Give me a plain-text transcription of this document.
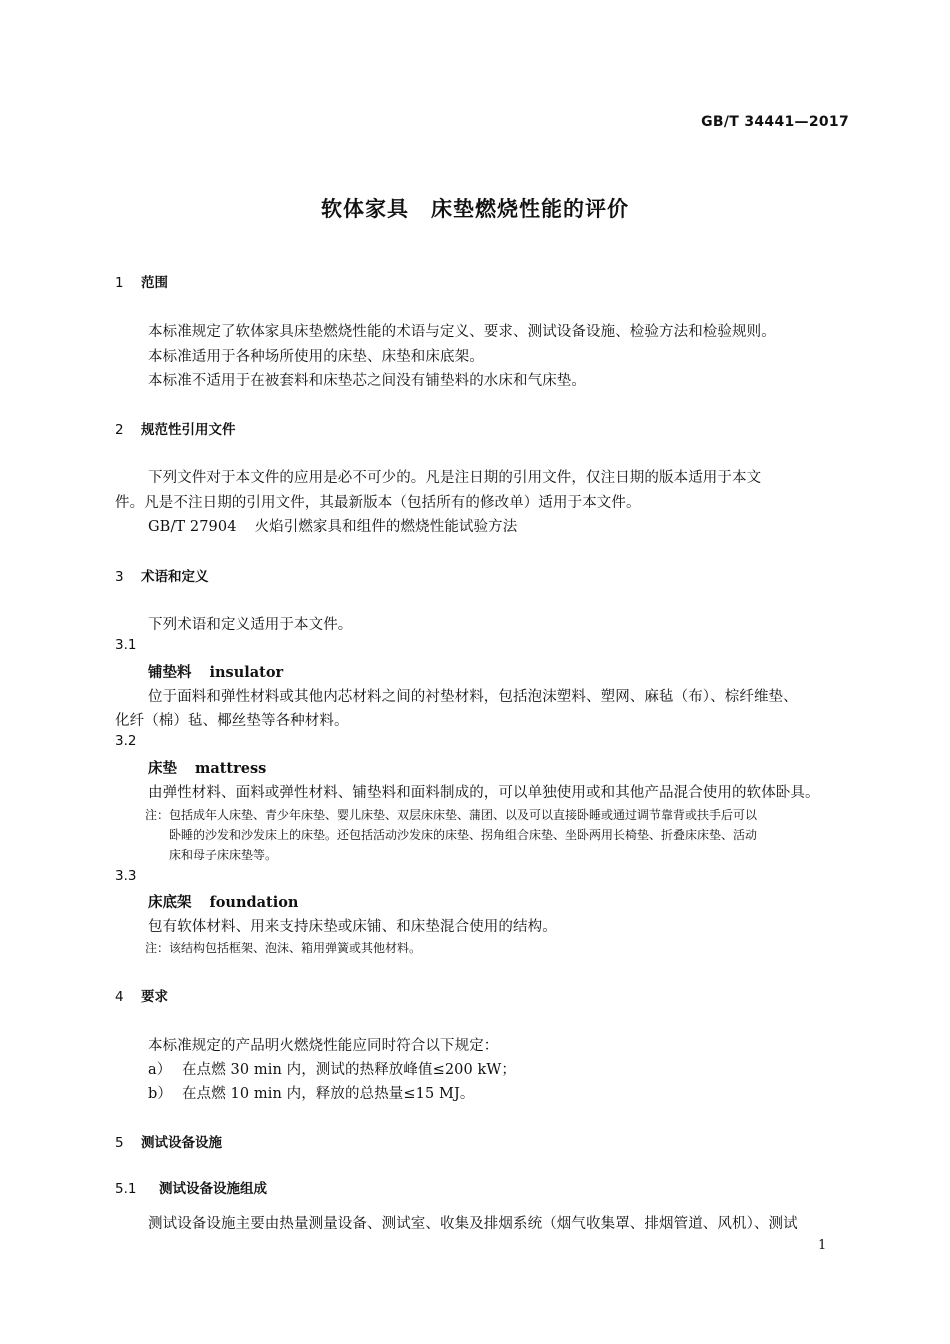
GB/T 34441—2017
软体家具 床垫燃烧性能的评价
1 范围
本标准规定了软体家具床垫燃烧性能的术语与定义、要求、测试设备设施、检验方法和检验规则。
本标准适用于各种场所使用的床垫、床垫和床底架。
本标准不适用于在被套料和床垫芯之间没有铺垫料的水床和气床垫。
2 规范性引用文件
下列文件对于本文件的应用是必不可少的。凡是注日期的引用文件，仅注日期的版本适用于本文
件。凡是不注日期的引用文件，其最新版本（包括所有的修改单）适用于本文件。
GB/T 27904 火焰引燃家具和组件的燃烧性能试验方法
3 术语和定义
下列术语和定义适用于本文件。
3.1
铺垫料 insulator
位于面料和弹性材料或其他内芯材料之间的衬垫材料，包括泡沫塑料、塑网、麻毡（布）、棕纤维垫、
化纤（棉）毡、椰丝垫等各种材料。
3.2
床垫 mattress
由弹性材料、面料或弹性材料、铺垫料和面料制成的，可以单独使用或和其他产品混合使用的软体卧具。
注：包括成年人床垫、青少年床垫、婴儿床垫、双层床床垫、蒲团、以及可以直接卧睡或通过调节靠背或扶手后可以
卧睡的沙发和沙发床上的床垫。还包括活动沙发床的床垫、拐角组合床垫、坐卧两用长椅垫、折叠床床垫、活动
床和母子床床垫等。
3.3
床底架 foundation
包有软体材料、用来支持床垫或床铺、和床垫混合使用的结构。
注：该结构包括框架、泡沫、箱用弹簧或其他材料。
4 要求
本标准规定的产品明火燃烧性能应同时符合以下规定：
a） 在点燃 30 min 内，测试的热释放峰值≤200 kW；
b） 在点燃 10 min 内，释放的总热量≤15 MJ。
5 测试设备设施
5.1 测试设备设施组成
测试设备设施主要由热量测量设备、测试室、收集及排烟系统（烟气收集罩、排烟管道、风机）、测试
1
